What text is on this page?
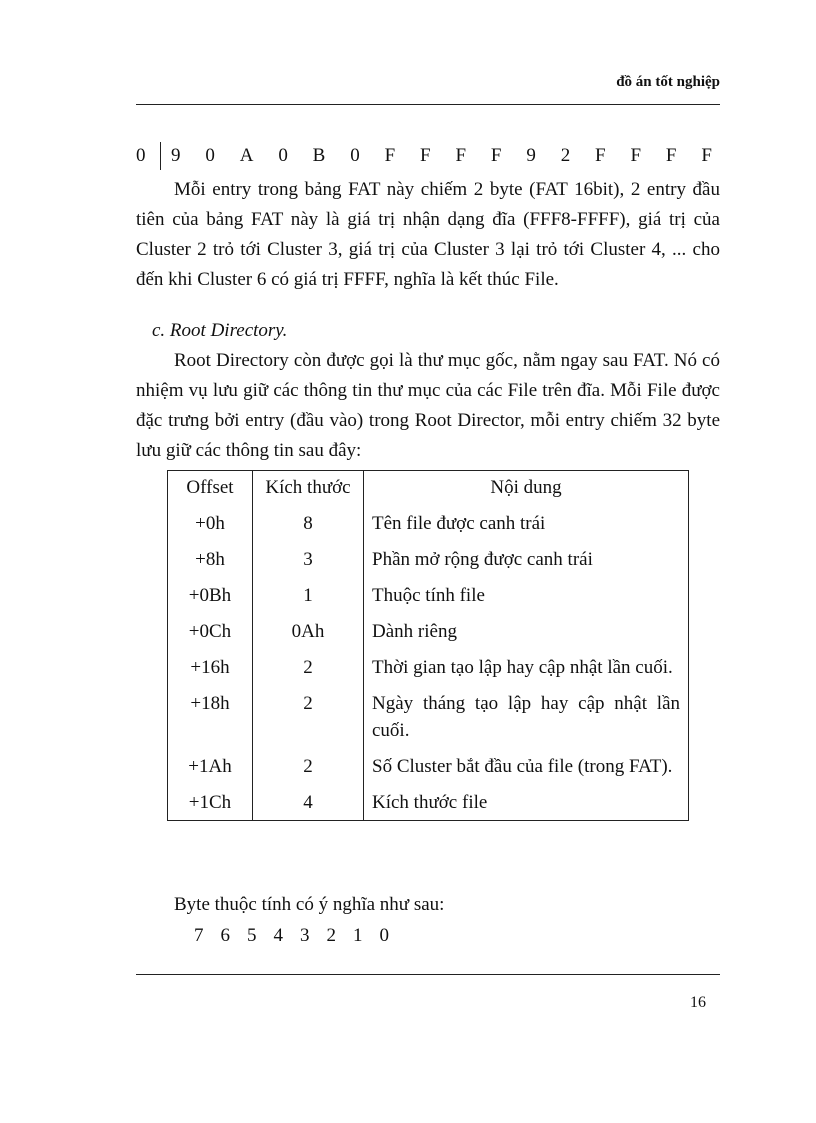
đồ án tốt nghiệp
0	9 0 A 0 B 0 F F F F 9 2 F F F F
Mỗi entry trong bảng FAT này chiếm 2 byte (FAT 16bit), 2 entry đầu tiên của bảng FAT này là giá trị nhận dạng đĩa (FFF8-FFFF), giá trị của Cluster 2 trỏ tới Cluster 3, giá trị của Cluster 3 lại trỏ tới Cluster 4, ... cho đến khi Cluster 6 có giá trị FFFF, nghĩa là kết thúc File.
c. Root Directory.
Root Directory còn được gọi là thư mục gốc, nằm ngay sau FAT. Nó có nhiệm vụ lưu giữ các thông tin thư mục của các File trên đĩa. Mỗi File được đặc trưng bởi entry (đầu vào) trong Root Director, mỗi entry chiếm 32 byte lưu giữ các thông tin sau đây:
Offset	Kích thước	Nội dung
+0h	8	Tên file được canh trái
+8h	3	Phần mở rộng được canh trái
+0Bh	1	Thuộc tính file
+0Ch	0Ah	Dành riêng
+16h	2	Thời gian tạo lập hay cập nhật lần cuối.
+18h	2	Ngày tháng tạo lập hay cập nhật lần cuối.
+1Ah	2	Số Cluster bắt đầu của file (trong FAT).
+1Ch	4	Kích thước file
Byte thuộc tính có ý nghĩa như sau:
7 6 5 4 3 2 1 0
16
